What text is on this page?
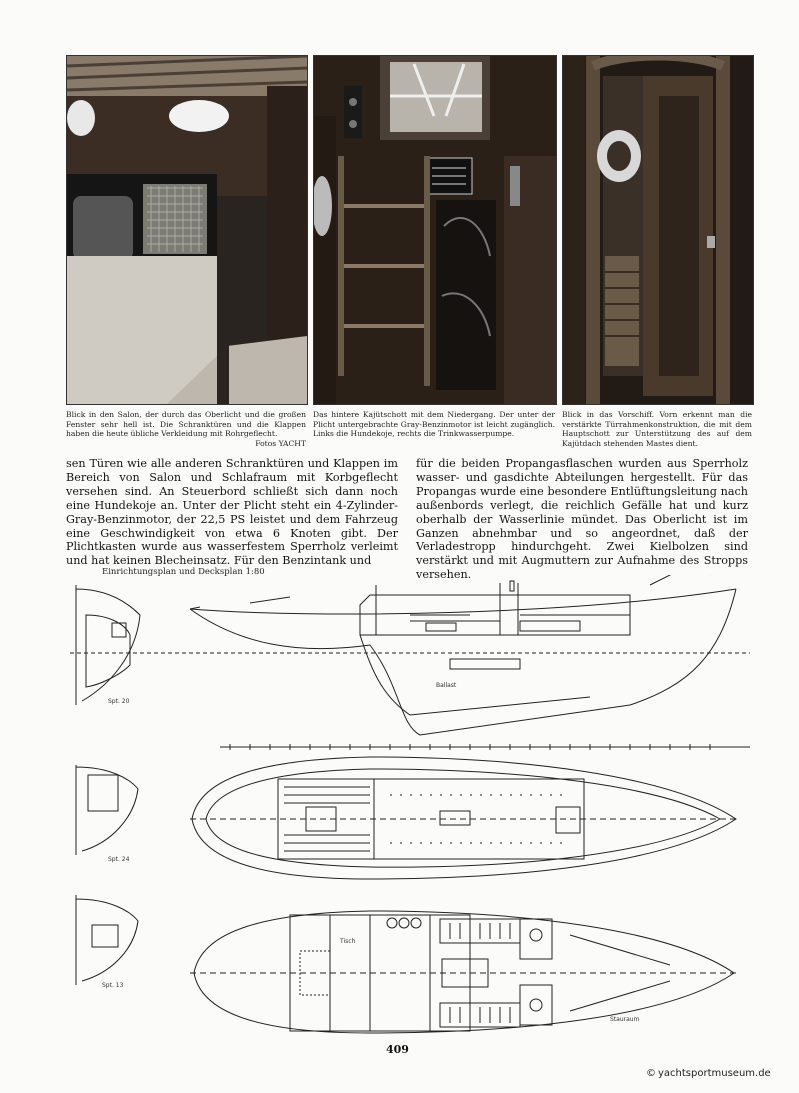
Blick in den Salon, der durch das Oberlicht und die großen Fenster sehr hell ist. Die Schranktüren und die Klappen haben die heute übliche Verkleidung mit Rohrgeflecht.
Fotos YACHT
Das hintere Kajütschott mit dem Niedergang. Der unter der Plicht untergebrachte Gray-Benzinmotor ist leicht zugänglich. Links die Hundekoje, rechts die Trinkwasserpumpe.
Blick in das Vorschiff. Vorn erkennt man die verstärkte Türrahmenkonstruktion, die mit dem Hauptschott zur Unterstützung des auf dem Kajütdach stehenden Mastes dient.
sen Türen wie alle anderen Schranktüren und Klappen im Bereich von Salon und Schlafraum mit Korbgeflecht versehen sind. An Steuerbord schließt sich dann noch eine Hundekoje an. Unter der Plicht steht ein 4-Zylinder-Gray-Benzinmotor, der 22,5 PS leistet und dem Fahrzeug eine Geschwindigkeit von etwa 6 Knoten gibt. Der Plichtkasten wurde aus wasserfestem Sperrholz verleimt und hat keinen Blecheinsatz. Für den Benzintank und
für die beiden Propangasflaschen wurden aus Sperrholz wasser- und gasdichte Abteilungen hergestellt. Für das Propangas wurde eine besondere Entlüftungsleitung nach außenbords verlegt, die reichlich Gefälle hat und kurz oberhalb der Wasserlinie mündet. Das Oberlicht ist im Ganzen abnehmbar und so angeordnet, daß der Verladestropp hindurchgeht. Zwei Kielbolzen sind verstärkt und mit Augmuttern zur Aufnahme des Stropps versehen.
Einrichtungsplan und Decksplan 1:80
Spt. 20
Spt. 24
Spt. 13
Ballast
Stauraum
Tisch
409
© yachtsportmuseum.de
